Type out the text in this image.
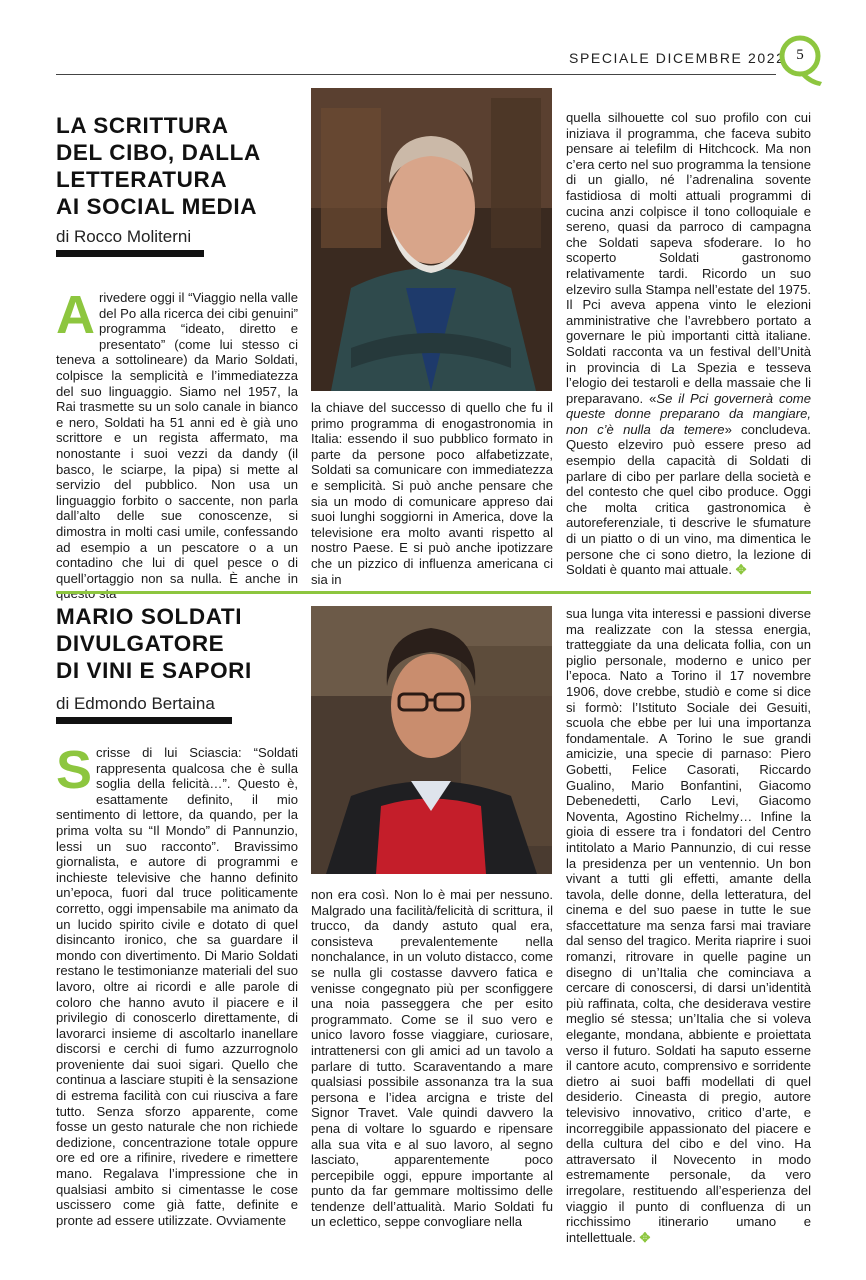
SPECIALE DICEMBRE 2022 5
LA SCRITTURA
DEL CIBO, DALLA
LETTERATURA
AI SOCIAL MEDIA
di Rocco Moliterni
A rivedere oggi il “Viaggio nella valle del Po alla ricerca dei cibi genuini” programma “ideato, diretto e presentato” (come lui stesso ci teneva a sottolineare) da Mario Soldati, colpisce la semplicità e l’immediatezza del suo linguaggio. Siamo nel 1957, la Rai trasmette su un solo canale in bianco e nero, Soldati ha 51 anni ed è già uno scrittore e un regista affermato, ma nonostante i suoi vezzi da dandy (il basco, le sciarpe, la pipa) si mette al servizio del pubblico. Non usa un linguaggio forbito o saccente, non parla dall’alto delle sue conoscenze, si dimostra in molti casi umile, confessando ad esempio a un pescatore o a un contadino che lui di quel pesce o di quell’ortaggio non sa nulla. È anche in
la chiave del successo di quello che fu il primo programma di enogastronomia in Italia: essendo il suo pubblico formato in parte da persone poco alfabetizzate, Soldati sa comunicare con immediatezza e semplicità. Si può anche pensare che sia un modo di comunicare appreso dai suoi lunghi soggiorni in America, dove la televisione era molto avanti rispetto al nostro Paese. E si può anche ipotizzare che un pizzico di influenza americana ci sia in
quella silhouette col suo profilo con cui iniziava il programma, che faceva subito pensare ai telefilm di Hitchcock. Ma non c’era certo nel suo programma la tensione di un giallo, né l’adrenalina sovente fastidiosa di molti attuali programmi di cucina anzi colpisce il tono colloquiale e sereno, quasi da parroco di campagna che Soldati sapeva sfoderare. Io ho scoperto Soldati gastronomo relativamente tardi. Ricordo un suo elzeviro sulla Stampa nell’estate del 1975. Il Pci aveva appena vinto le elezioni amministrative che l’avrebbero portato a governare le più importanti città italiane. Soldati racconta va un festival dell’Unità in provincia di La Spezia e tesseva l’elogio dei testaroli e della massaie che li preparavano. «Se il Pci governerà come queste donne preparano da mangiare, non c’è nulla da temere» concludeva. Questo elzeviro può essere preso ad esempio della capacità di Soldati di parlare di cibo per parlare della società e del contesto che quel cibo produce. Oggi che molta critica gastronomica è autoreferenziale, ti descrive le sfumature di un piatto o di un vino, ma dimentica le persone che ci sono dietro, la lezione di Soldati è quanto mai attuale. ✥
MARIO SOLDATI
DIVULGATORE
DI VINI E SAPORI
di Edmondo Bertaina
S crisse di lui Sciascia: “Soldati rappresenta qualcosa che è sulla soglia della felicità…”. Questo è, esattamente definito, il mio sentimento di lettore, da quando, per la prima volta su “Il Mondo” di Pannunzio, lessi un suo racconto”. Bravissimo giornalista, e autore di programmi e inchieste televisive che hanno definito un’epoca, fuori dal truce politicamente corretto, oggi impensabile ma animato da un lucido spirito civile e dotato di quel disincanto ironico, che sa guardare il mondo con divertimento. Di Mario Soldati restano le testimonianze materiali del suo lavoro, oltre ai ricordi e alle parole di coloro che hanno avuto il piacere e il privilegio di conoscerlo direttamente, di lavorarci insieme di ascoltarlo inanellare discorsi e cerchi di fumo azzurrognolo proveniente dai suoi sigari. Quello che continua a lasciare stupiti è la sensazione di estrema facilità con cui riusciva a fare tutto. Senza sforzo apparente, come fosse un gesto naturale che non richiede dedizione, concentrazione totale oppure ore ed ore a rifinire, rivedere e rimettere mano. Regalava l’impressione che in qualsiasi ambito si cimentasse le cose uscissero come già fatte, definite e pronte ad essere utilizzate. Ovviamente
non era così. Non lo è mai per nessuno. Malgrado una facilità/felicità di scrittura, il trucco, da dandy astuto qual era, consisteva prevalentemente nella nonchalance, in un voluto distacco, come se nulla gli costasse davvero fatica e venisse congegnato più per sconfiggere una noia passeggera che per esito programmato. Come se il suo vero e unico lavoro fosse viaggiare, curiosare, intrattenersi con gli amici ad un tavolo a parlare di tutto. Scaraventando a mare qualsiasi possibile assonanza tra la sua persona e l’idea arcigna e triste del Signor Travet. Vale quindi davvero la pena di voltare lo sguardo e ripensare alla sua vita e al suo lavoro, al segno lasciato, apparentemente poco percepibile oggi, eppure importante al punto da far gemmare moltissimo delle tendenze dell’attualità. Mario Soldati fu un eclettico, seppe convogliare nella
sua lunga vita interessi e passioni diverse ma realizzate con la stessa energia, tratteggiate da una delicata follia, con un piglio personale, moderno e unico per l’epoca. Nato a Torino il 17 novembre 1906, dove crebbe, studiò e come si dice si formò: l’Istituto Sociale dei Gesuiti, scuola che ebbe per lui una importanza fondamentale. A Torino le sue grandi amicizie, una specie di parnaso: Piero Gobetti, Felice Casorati, Riccardo Gualino, Mario Bonfantini, Giacomo Debenedetti, Carlo Levi, Giacomo Noventa, Agostino Richelmy… Infine la gioia di essere tra i fondatori del Centro intitolato a Mario Pannunzio, di cui resse la presidenza per un ventennio. Un bon vivant a tutti gli effetti, amante della tavola, delle donne, della letteratura, del cinema e del suo paese in tutte le sue sfaccettature ma senza farsi mai traviare dal senso del tragico. Merita riaprire i suoi romanzi, ritrovare in quelle pagine un disegno di un’Italia che cominciava a cercare di conoscersi, di darsi un’identità più raffinata, colta, che desiderava vestire meglio sé stessa; un’Italia che si voleva elegante, mondana, abbiente e proiettata verso il futuro. Soldati ha saputo esserne il cantore acuto, comprensivo e sorridente dietro ai suoi baffi modellati di quel desiderio. Cineasta di pregio, autore televisivo innovativo, critico d’arte, e incorreggibile appassionato del piacere e della cultura del cibo e del vino. Ha attraversato il Novecento in modo estremamente personale, da vero irregolare, restituendo all’esperienza del viaggio il punto di confluenza di un ricchissimo itinerario umano e intellettuale. ✥
